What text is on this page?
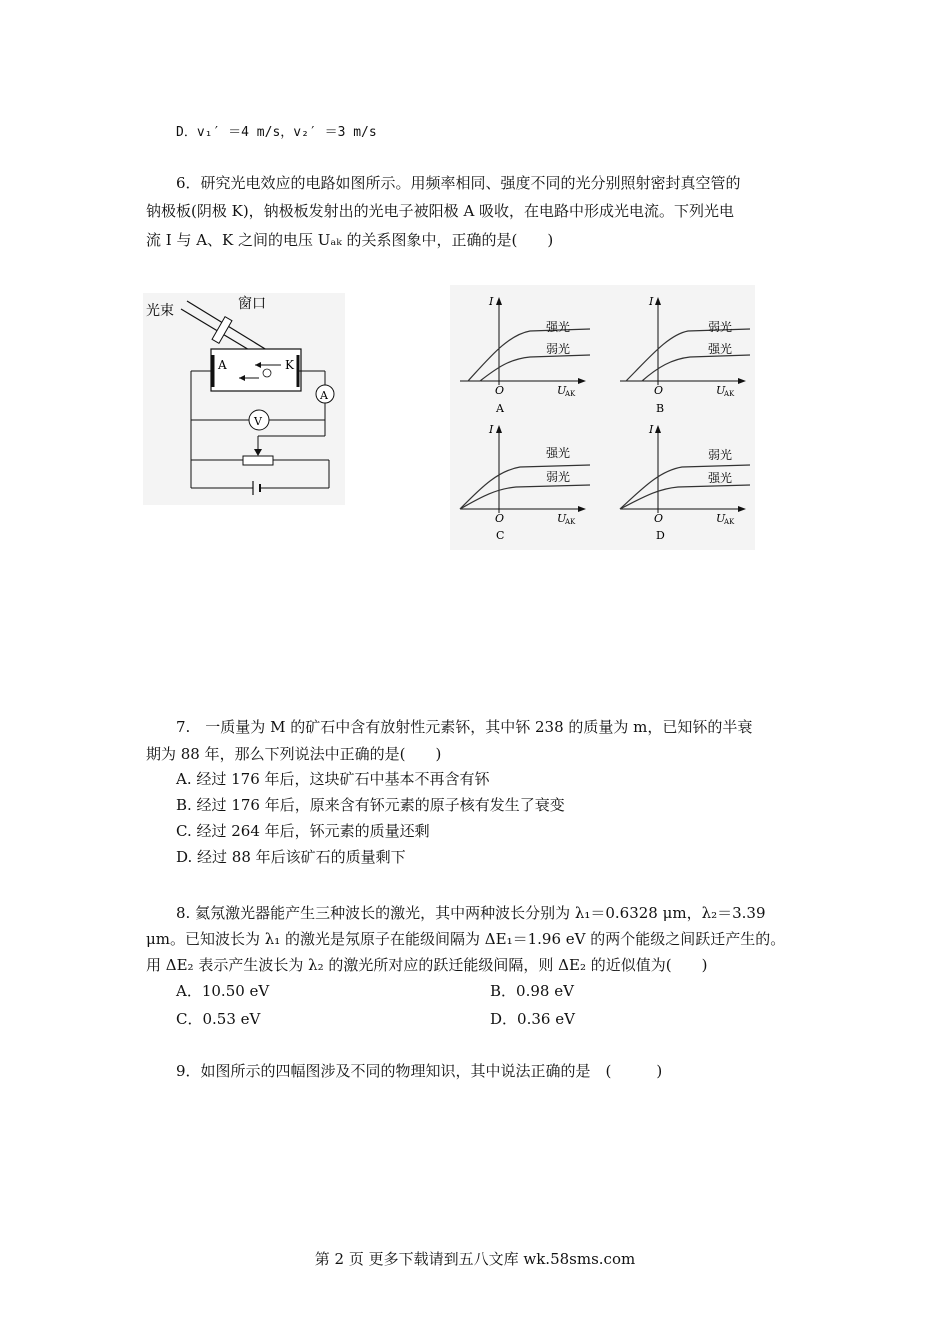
D．v₁′ ＝4 m/s，v₂′ ＝3 m/s
6．研究光电效应的电路如图所示。用频率相同、强度不同的光分别照射密封真空管的
钠极板(阴极 K)，钠极板发射出的光电子被阳极 A 吸收，在电路中形成光电流。下列光电
流 I 与 A、K 之间的电压 Uₐₖ 的关系图象中，正确的是(　　)
光束	窗口
A	K
A
V
I
O	U
AK
强光
弱光
A
I
O	U
AK
弱光
强光
B
I
O	U
AK
强光
弱光
C
I
O	U
AK
弱光
强光
D
7.　一质量为 M 的矿石中含有放射性元素钚，其中钚 238 的质量为 m，已知钚的半衰
期为 88 年，那么下列说法中正确的是(　　)
A. 经过 176 年后，这块矿石中基本不再含有钚
B. 经过 176 年后，原来含有钚元素的原子核有发生了衰变
C. 经过 264 年后，钚元素的质量还剩
D. 经过 88 年后该矿石的质量剩下
8. 氦氖激光器能产生三种波长的激光，其中两种波长分别为 λ₁＝0.6328 μm，λ₂＝3.39
μm。已知波长为 λ₁ 的激光是氖原子在能级间隔为 ΔE₁＝1.96 eV 的两个能级之间跃迁产生的。
用 ΔE₂ 表示产生波长为 λ₂ 的激光所对应的跃迁能级间隔，则 ΔE₂ 的近似值为(　　)
A．10.50 eV	B．0.98 eV
C．0.53 eV	D．0.36 eV
9．如图所示的四幅图涉及不同的物理知识，其中说法正确的是　(　　　)
第 2 页 更多下载请到五八文库 wk.58sms.com
